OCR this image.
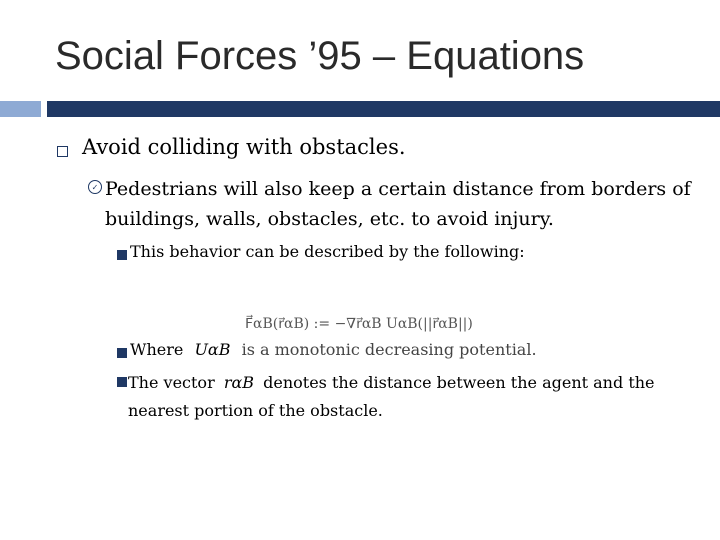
Social Forces ’95 – Equations
Avoid colliding with obstacles.
✓ Pedestrians will also keep a certain distance from borders of buildings, walls, obstacles, etc. to avoid injury.
This behavior can be described by the following:
F⃗αB(r⃗αB) := −∇r⃗αB UαB(||r⃗αB||)
Where UαB is a monotonic decreasing potential.
The vector rαB denotes the distance between the agent and the nearest portion of the obstacle.
